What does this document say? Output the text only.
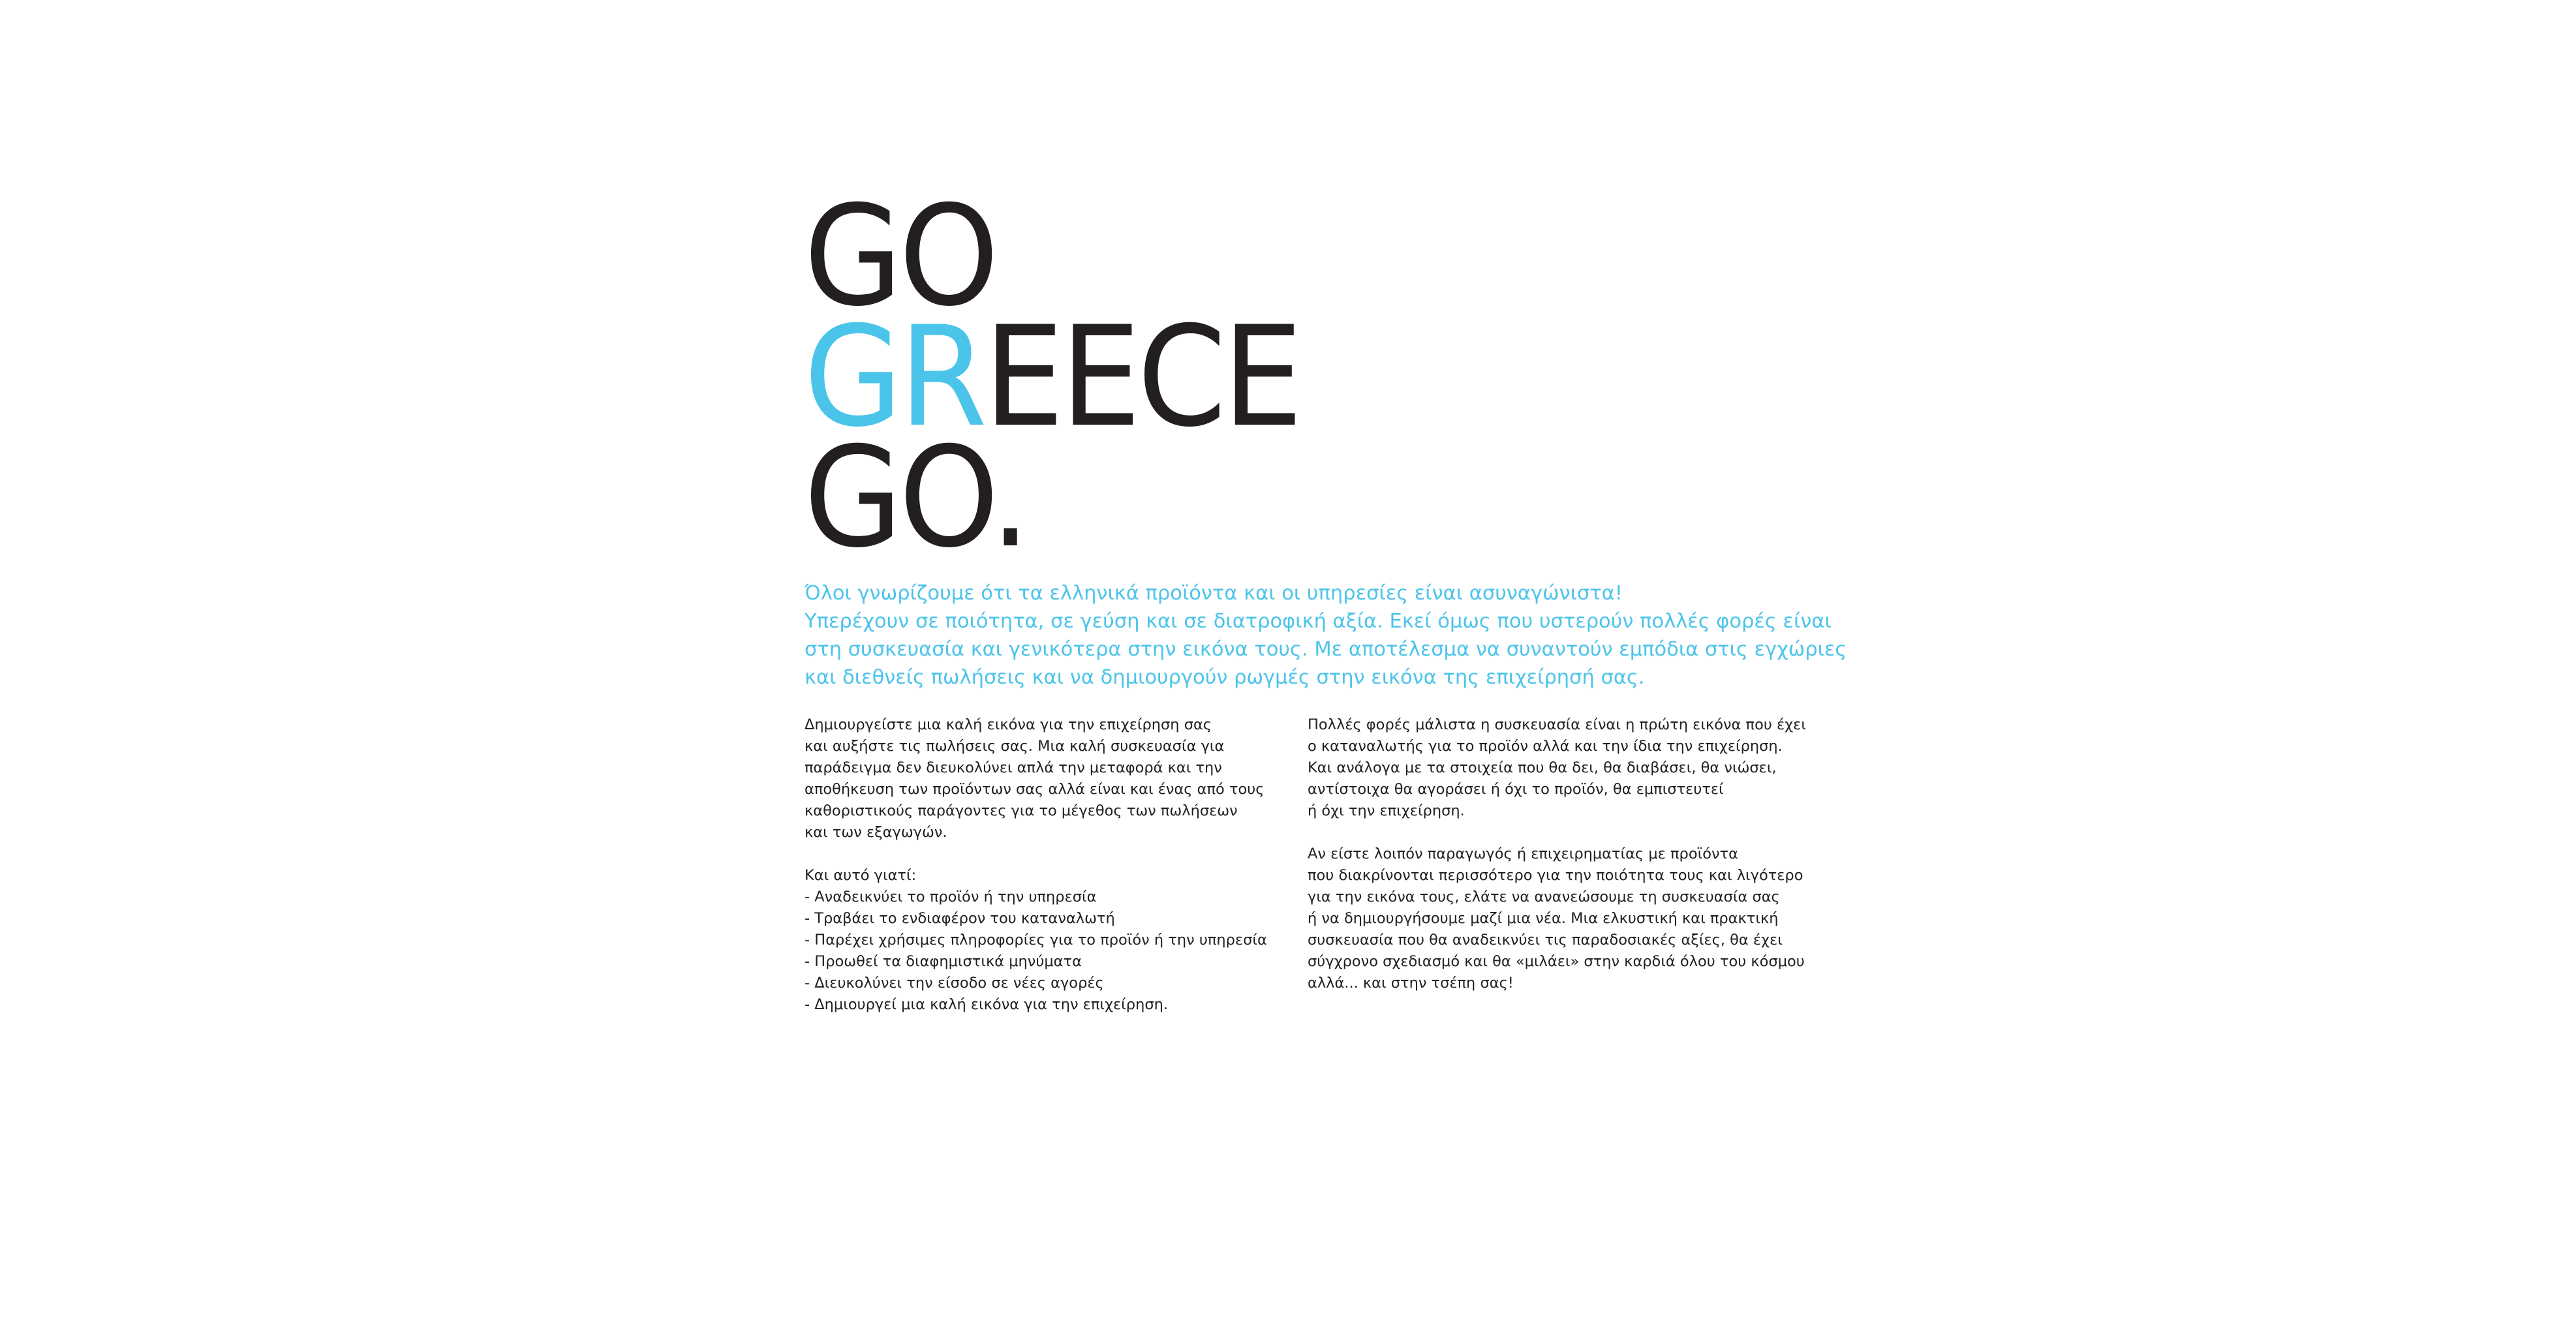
GO
GREECE
GO.

Όλοι γνωρίζουμε ότι τα ελληνικά προϊόντα και οι υπηρεσίες είναι ασυναγώνιστα!
Υπερέχουν σε ποιότητα, σε γεύση και σε διατροφική αξία. Εκεί όμως που υστερούν πολλές φορές είναι
στη συσκευασία και γενικότερα στην εικόνα τους. Με αποτέλεσμα να συναντούν εμπόδια στις εγχώριες
και διεθνείς πωλήσεις και να δημιουργούν ρωγμές στην εικόνα της επιχείρησή σας.

Δημιουργείστε μια καλή εικόνα για την επιχείρηση σας
και αυξήστε τις πωλήσεις σας. Μια καλή συσκευασία για
παράδειγμα δεν διευκολύνει απλά την μεταφορά και την
αποθήκευση των προϊόντων σας αλλά είναι και ένας από τους
καθοριστικούς παράγοντες για το μέγεθος των πωλήσεων
και των εξαγωγών.
Και αυτό γιατί:
- Αναδεικνύει το προϊόν ή την υπηρεσία
- Τραβάει το ενδιαφέρον του καταναλωτή
- Παρέχει χρήσιμες πληροφορίες για το προϊόν ή την υπηρεσία
- Προωθεί τα διαφημιστικά μηνύματα
- Διευκολύνει την είσοδο σε νέες αγορές
- Δημιουργεί μια καλή εικόνα για την επιχείρηση.
Πολλές φορές μάλιστα η συσκευασία είναι η πρώτη εικόνα που έχει
ο καταναλωτής για το προϊόν αλλά και την ίδια την επιχείρηση.
Και ανάλογα με τα στοιχεία που θα δει, θα διαβάσει, θα νιώσει,
αντίστοιχα θα αγοράσει ή όχι το προϊόν, θα εμπιστευτεί
ή όχι την επιχείρηση.
Αν είστε λοιπόν παραγωγός ή επιχειρηματίας με προϊόντα
που διακρίνονται περισσότερο για την ποιότητα τους και λιγότερο
για την εικόνα τους, ελάτε να ανανεώσουμε τη συσκευασία σας
ή να δημιουργήσουμε μαζί μια νέα. Μια ελκυστική και πρακτική
συσκευασία που θα αναδεικνύει τις παραδοσιακές αξίες, θα έχει
σύγχρονο σχεδιασμό και θα «μιλάει» στην καρδιά όλου του κόσμου
αλλά... και στην τσέπη σας!
